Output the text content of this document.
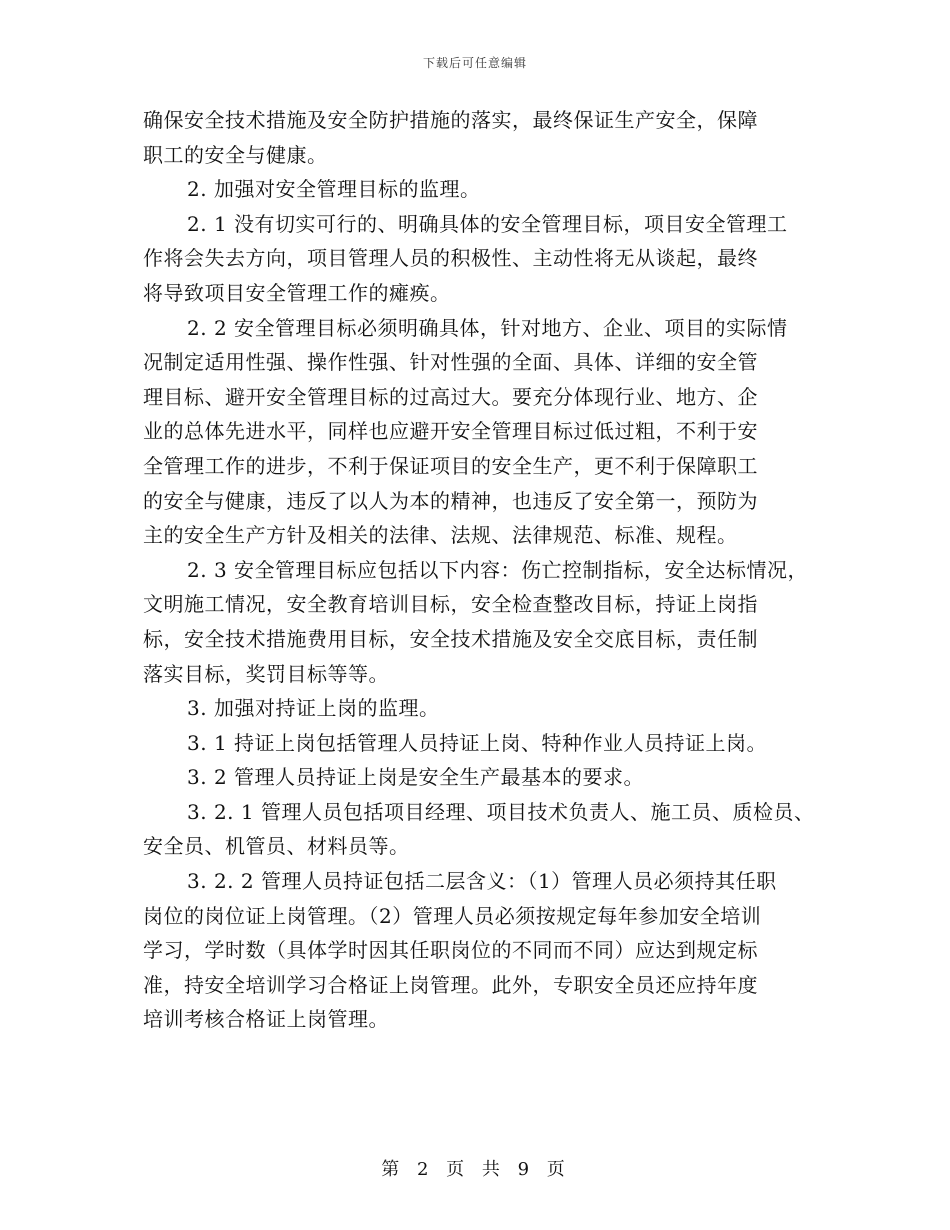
下载后可任意编辑
确保安全技术措施及安全防护措施的落实，最终保证生产安全，保障
职工的安全与健康。
2. 加强对安全管理目标的监理。
2. 1 没有切实可行的、明确具体的安全管理目标，项目安全管理工
作将会失去方向，项目管理人员的积极性、主动性将无从谈起，最终
将导致项目安全管理工作的瘫痪。
2. 2 安全管理目标必须明确具体，针对地方、企业、项目的实际情
况制定适用性强、操作性强、针对性强的全面、具体、详细的安全管
理目标、避开安全管理目标的过高过大。要充分体现行业、地方、企
业的总体先进水平，同样也应避开安全管理目标过低过粗，不利于安
全管理工作的进步，不利于保证项目的安全生产，更不利于保障职工
的安全与健康，违反了以人为本的精神，也违反了安全第一，预防为
主的安全生产方针及相关的法律、法规、法律规范、标准、规程。
2. 3 安全管理目标应包括以下内容：伤亡控制指标，安全达标情况，
文明施工情况，安全教育培训目标，安全检查整改目标，持证上岗指
标，安全技术措施费用目标，安全技术措施及安全交底目标，责任制
落实目标，奖罚目标等等。
3. 加强对持证上岗的监理。
3. 1 持证上岗包括管理人员持证上岗、特种作业人员持证上岗。
3. 2 管理人员持证上岗是安全生产最基本的要求。
3. 2. 1 管理人员包括项目经理、项目技术负责人、施工员、质检员、
安全员、机管员、材料员等。
3. 2. 2 管理人员持证包括二层含义：（1）管理人员必须持其任职
岗位的岗位证上岗管理。（2）管理人员必须按规定每年参加安全培训
学习，学时数（具体学时因其任职岗位的不同而不同）应达到规定标
准，持安全培训学习合格证上岗管理。此外，专职安全员还应持年度
培训考核合格证上岗管理。
第 2 页 共 9 页
